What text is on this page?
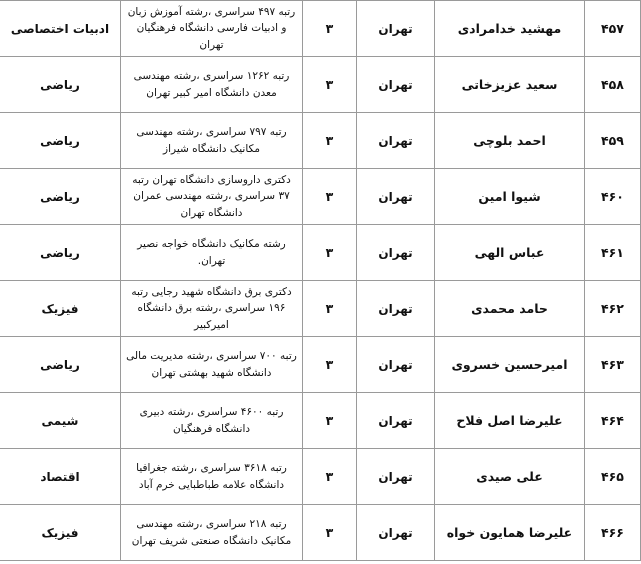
۴۵۷	مهشید خدامرادی	تهران	۳	رتبه ۴۹۷ سراسری ،رشته آموزش زبان و ادبیات فارسی دانشگاه فرهنگیان تهران	ادبیات اختصاصی
۴۵۸	سعید عزیزخاتی	تهران	۳	رتبه ۱۲۶۲ سراسری ،رشته مهندسی معدن دانشگاه امیر کبیر تهران	ریاضی
۴۵۹	احمد بلوچی	تهران	۳	رتبه ۷۹۷ سراسری ،رشته مهندسی مکانیک دانشگاه شیراز	ریاضی
۴۶۰	شیوا امین	تهران	۳	دکتری داروسازی دانشگاه تهران رتبه ۳۷ سراسری ،رشته مهندسی عمران دانشگاه تهران	ریاضی
۴۶۱	عباس الهی	تهران	۳	رشته مکانیک دانشگاه خواجه نصیر تهران.	ریاضی
۴۶۲	حامد محمدی	تهران	۳	دکتری برق دانشگاه شهید رجایی رتبه ۱۹۶ سراسری ،رشته برق دانشگاه امیرکبیر	فیزیک
۴۶۳	امیرحسین خسروی	تهران	۳	رتبه ۷۰۰ سراسری ،رشته مدیریت مالی دانشگاه شهید بهشتی تهران	ریاضی
۴۶۴	علیرضا اصل فلاح	تهران	۳	رتبه ۴۶۰۰ سراسری ،رشته دبیری دانشگاه فرهنگیان	شیمی
۴۶۵	علی صیدی	تهران	۳	رتبه ۳۶۱۸ سراسری ،رشته جغرافیا دانشگاه علامه طباطبایی خرم آباد	اقتصاد
۴۶۶	علیرضا همایون خواه	تهران	۳	رتبه ۲۱۸ سراسری ،رشته مهندسی مکانیک دانشگاه صنعتی شریف تهران	فیزیک
